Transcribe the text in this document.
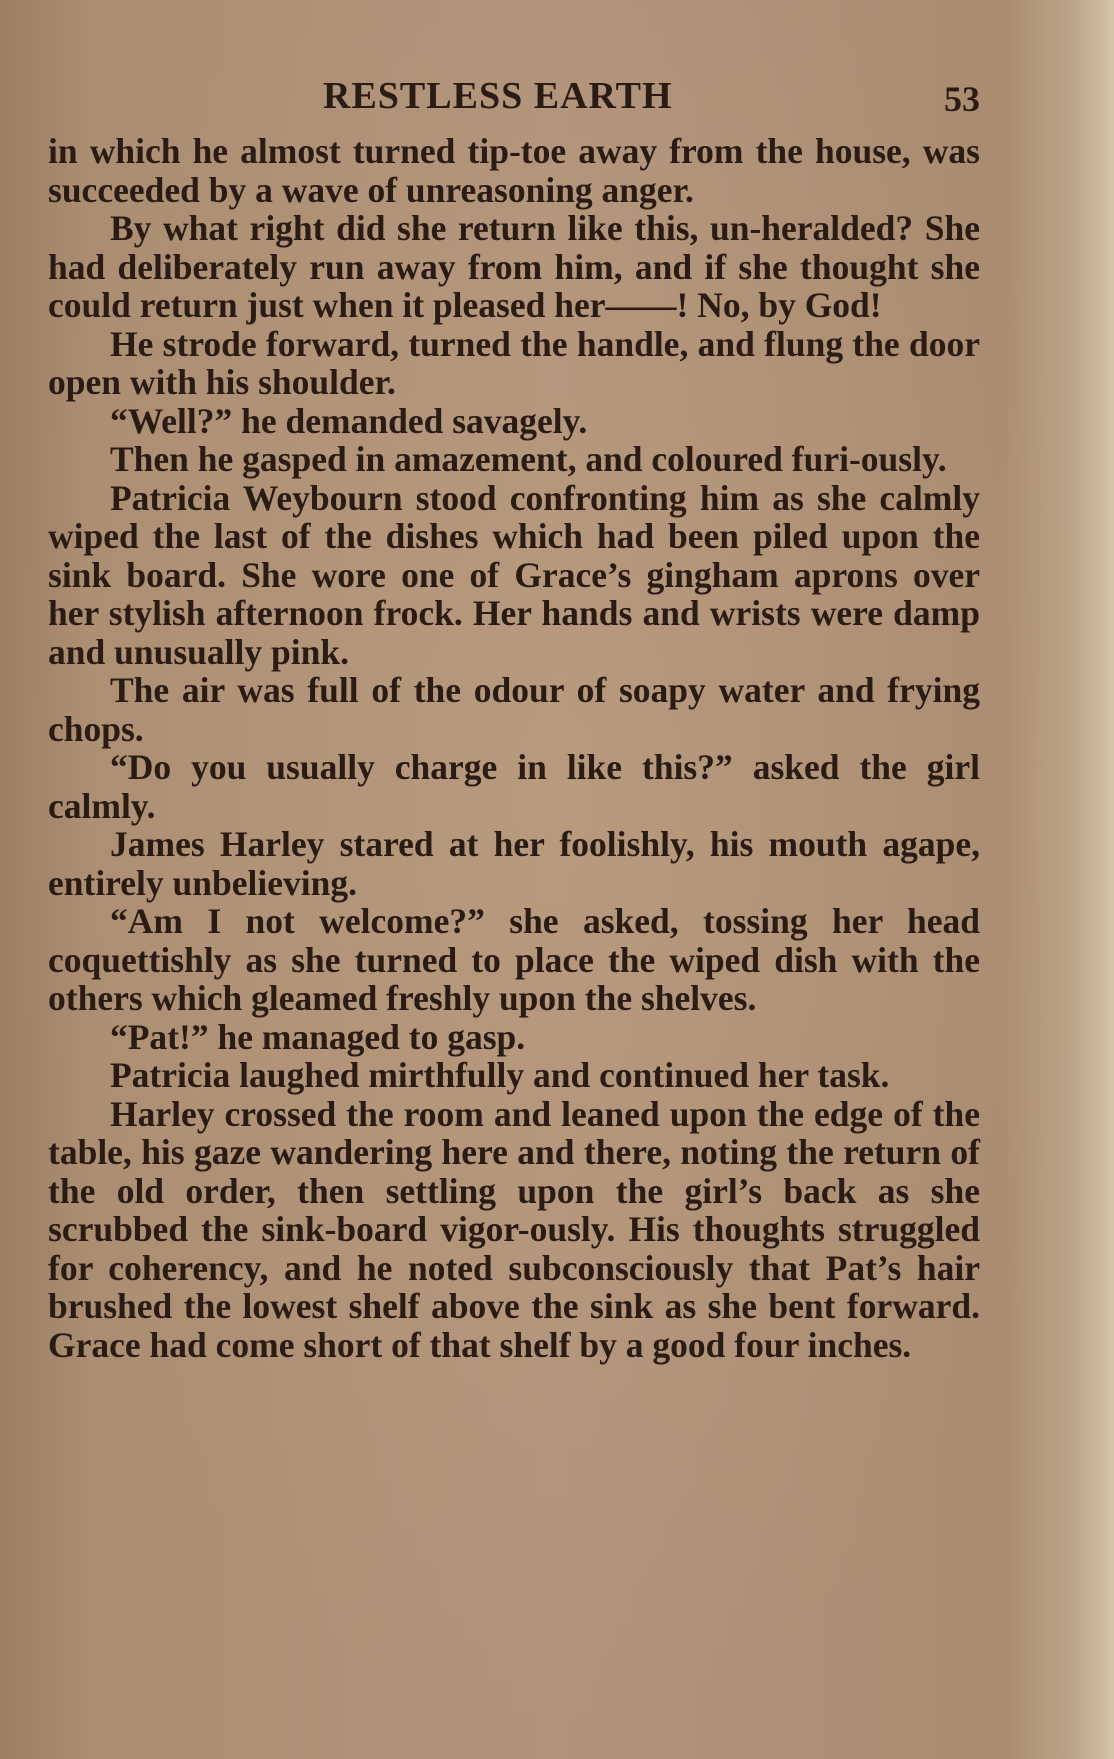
RESTLESS EARTH	53

in which he almost turned tip-toe away from the house, was succeeded by a wave of unreasoning anger.

By what right did she return like this, un-heralded? She had deliberately run away from him, and if she thought she could return just when it pleased her——! No, by God!

He strode forward, turned the handle, and flung the door open with his shoulder.

“Well?” he demanded savagely.

Then he gasped in amazement, and coloured furi-ously.

Patricia Weybourn stood confronting him as she calmly wiped the last of the dishes which had been piled upon the sink board. She wore one of Grace’s gingham aprons over her stylish afternoon frock. Her hands and wrists were damp and unusually pink.

The air was full of the odour of soapy water and frying chops.

“Do you usually charge in like this?” asked the girl calmly.

James Harley stared at her foolishly, his mouth agape, entirely unbelieving.

“Am I not welcome?” she asked, tossing her head coquettishly as she turned to place the wiped dish with the others which gleamed freshly upon the shelves.

“Pat!” he managed to gasp.

Patricia laughed mirthfully and continued her task.

Harley crossed the room and leaned upon the edge of the table, his gaze wandering here and there, noting the return of the old order, then settling upon the girl’s back as she scrubbed the sink-board vigor-ously. His thoughts struggled for coherency, and he noted subconsciously that Pat’s hair brushed the lowest shelf above the sink as she bent forward. Grace had come short of that shelf by a good four inches.
